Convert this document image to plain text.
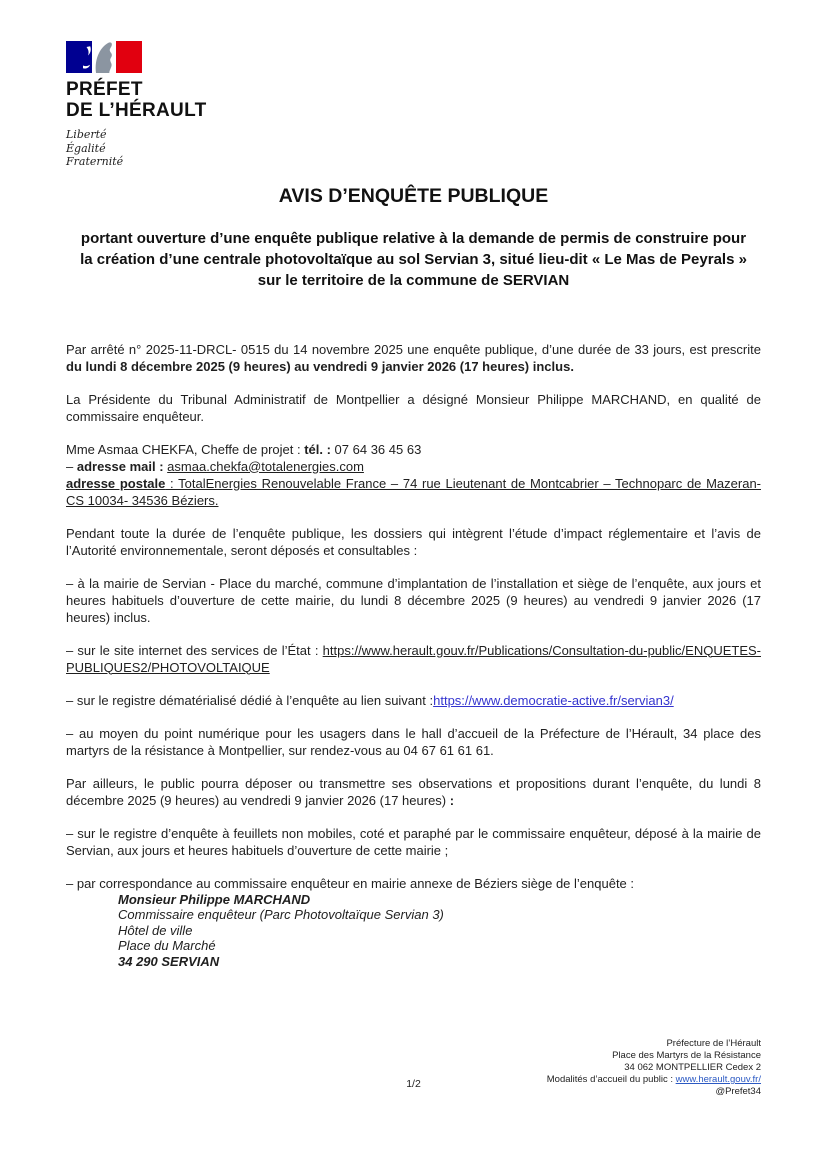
PRÉFET
DE L’HÉRAULT
Liberté
Égalité
Fraternité
AVIS D’ENQUÊTE PUBLIQUE
portant ouverture d’une enquête publique relative à la demande de permis de construire pour la création d’une centrale photovoltaïque au sol Servian 3, situé lieu-dit « Le Mas de Peyrals » sur le territoire de la commune de SERVIAN

Par arrêté n° 2025-11-DRCL- 0515 du 14 novembre 2025 une enquête publique, d’une durée de 33 jours, est prescrite du lundi 8 décembre 2025 (9 heures) au vendredi 9 janvier 2026 (17 heures) inclus.

La Présidente du Tribunal Administratif de Montpellier a désigné Monsieur Philippe MARCHAND, en qualité de commissaire enquêteur.

Mme Asmaa CHEKFA, Cheffe de projet : tél. : 07 64 36 45 63
– adresse mail : asmaa.chekfa@totalenergies.com
adresse postale : TotalEnergies Renouvelable France – 74 rue Lieutenant de Montcabrier – Technoparc de Mazeran- CS 10034- 34536 Béziers.

Pendant toute la durée de l’enquête publique, les dossiers qui intègrent l’étude d’impact réglementaire et l’avis de l’Autorité environnementale, seront déposés et consultables :

– à la mairie de Servian - Place du marché, commune d’implantation de l’installation et siège de l’enquête, aux jours et heures habituels d’ouverture de cette mairie, du lundi 8 décembre 2025 (9 heures) au vendredi 9 janvier 2026 (17 heures) inclus.

– sur le site internet des services de l’État : https://www.herault.gouv.fr/Publications/Consultation-du-public/ENQUETES-PUBLIQUES2/PHOTOVOLTAIQUE

– sur le registre dématérialisé dédié à l’enquête au lien suivant :https://www.democratie-active.fr/servian3/

– au moyen du point numérique pour les usagers dans le hall d’accueil de la Préfecture de l’Hérault, 34 place des martyrs de la résistance à Montpellier, sur rendez-vous au 04 67 61 61 61.

Par ailleurs, le public pourra déposer ou transmettre ses observations et propositions durant l’enquête, du lundi 8 décembre 2025 (9 heures) au vendredi 9 janvier 2026 (17 heures) :

– sur le registre d’enquête à feuillets non mobiles, coté et paraphé par le commissaire enquêteur, déposé à la mairie de Servian, aux jours et heures habituels d’ouverture de cette mairie ;

– par correspondance au commissaire enquêteur en mairie annexe de Béziers siège de l’enquête :

Monsieur Philippe MARCHAND
Commissaire enquêteur (Parc Photovoltaïque Servian 3)
Hôtel de ville
Place du Marché
34 290 SERVIAN
1/2
Préfecture de l’Hérault
Place des Martyrs de la Résistance
34 062 MONTPELLIER Cedex 2
Modalités d’accueil du public : www.herault.gouv.fr/
@Prefet34
